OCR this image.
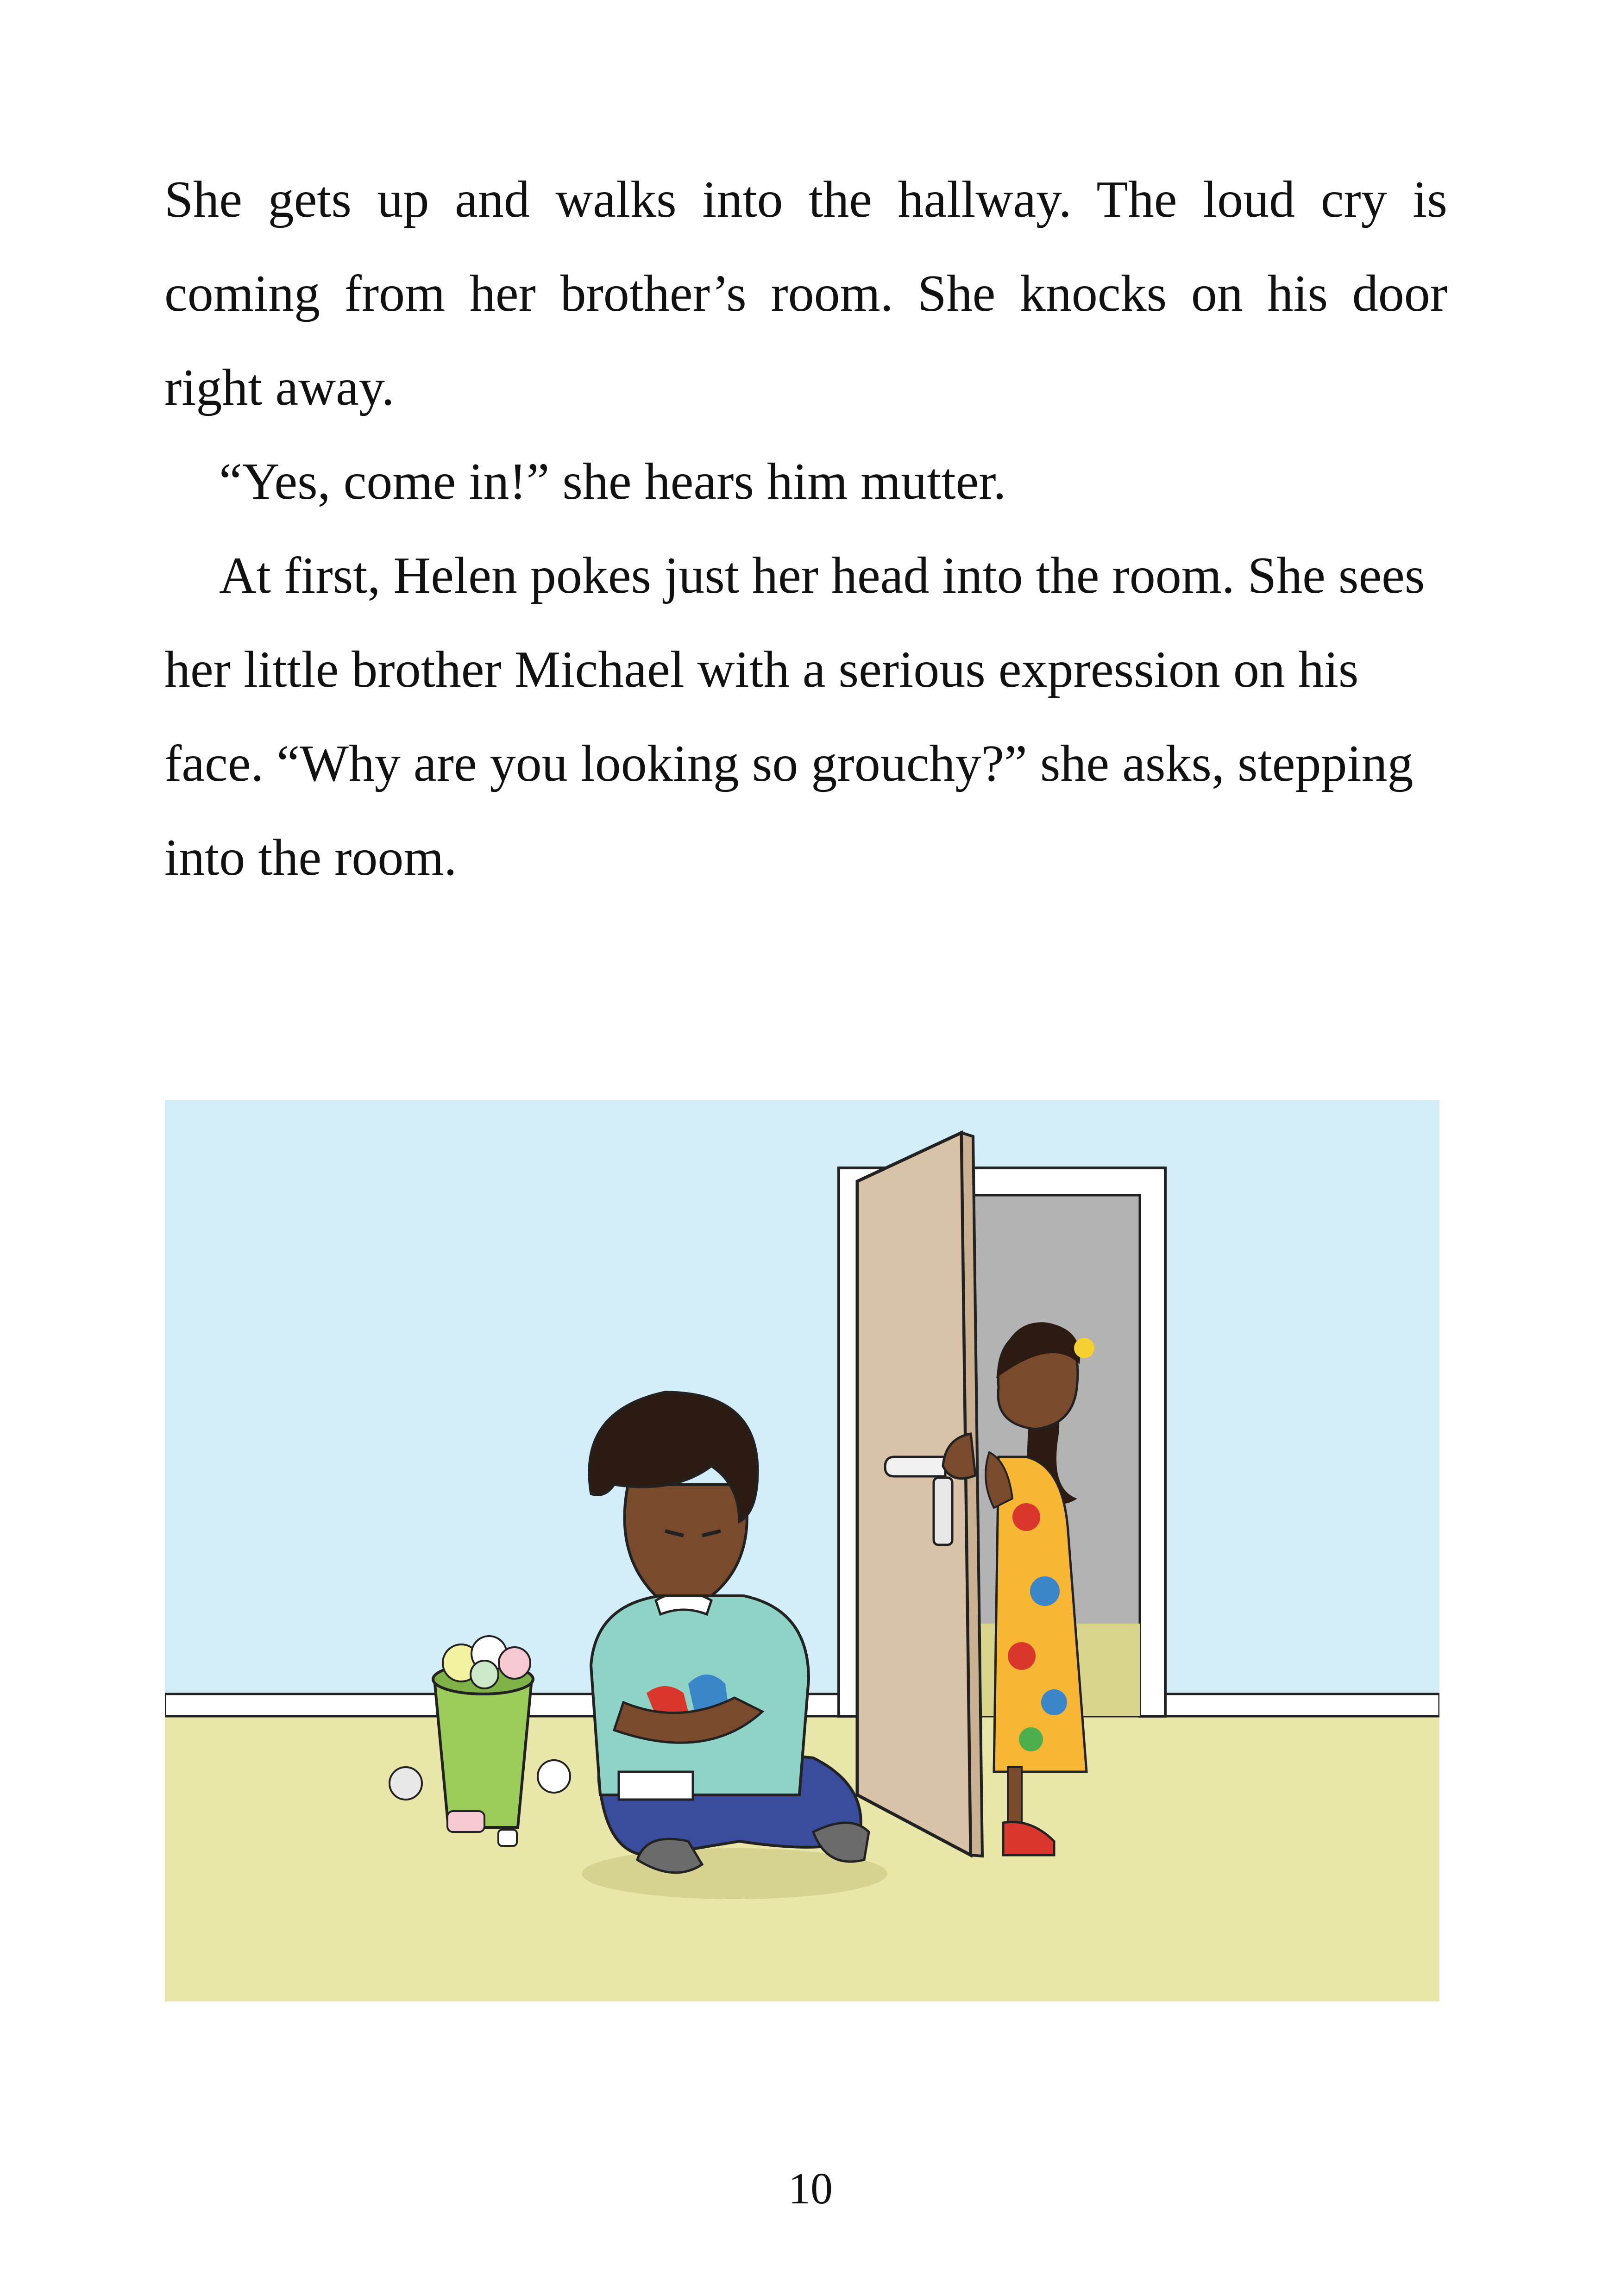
She gets up and walks into the hallway. The loud cry is coming from her brother’s room. She knocks on his door right away.

“Yes, come in!” she hears him mutter.

At first, Helen pokes just her head into the room. She sees her little brother Michael with a serious expression on his face. “Why are you looking so grouchy?” she asks, stepping into the room.

10
